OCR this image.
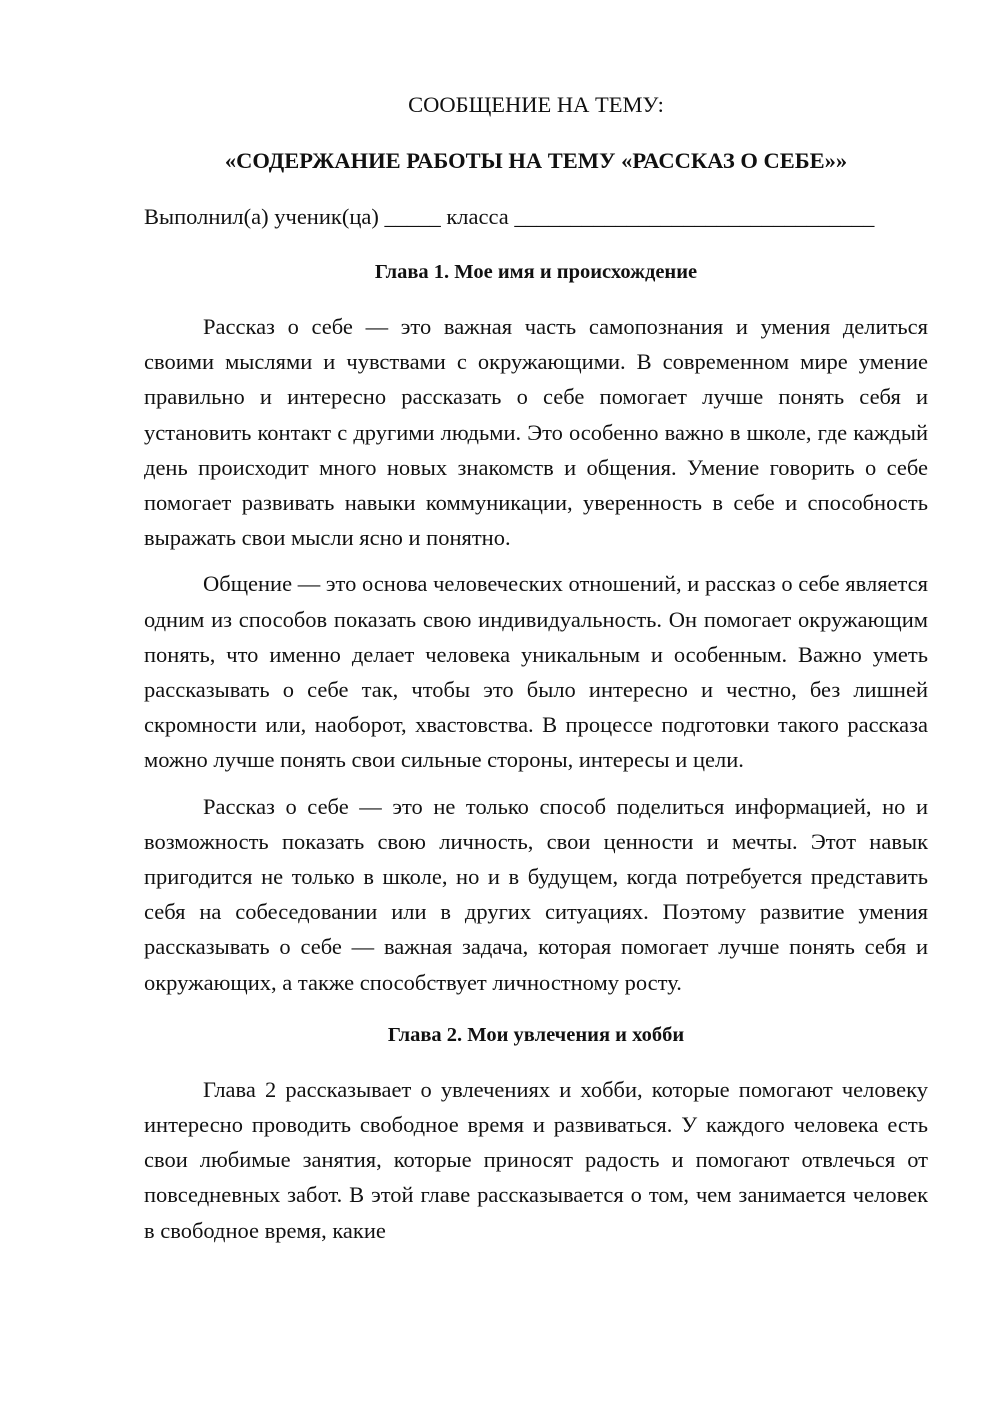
СООБЩЕНИЕ НА ТЕМУ:
«СОДЕРЖАНИЕ РАБОТЫ НА ТЕМУ «РАССКАЗ О СЕБЕ»»

Выполнил(а) ученик(ца) _____ класса ________________________________

Глава 1. Мое имя и происхождение

Рассказ о себе — это важная часть самопознания и умения делиться своими мыслями и чувствами с окружающими. В современном мире умение правильно и интересно рассказать о себе помогает лучше понять себя и установить контакт с другими людьми. Это особенно важно в школе, где каждый день происходит много новых знакомств и общения. Умение говорить о себе помогает развивать навыки коммуникации, уверенность в себе и способность выражать свои мысли ясно и понятно.

Общение — это основа человеческих отношений, и рассказ о себе является одним из способов показать свою индивидуальность. Он помогает окружающим понять, что именно делает человека уникальным и особенным. Важно уметь рассказывать о себе так, чтобы это было интересно и честно, без лишней скромности или, наоборот, хвастовства. В процессе подготовки такого рассказа можно лучше понять свои сильные стороны, интересы и цели.

Рассказ о себе — это не только способ поделиться информацией, но и возможность показать свою личность, свои ценности и мечты. Этот навык пригодится не только в школе, но и в будущем, когда потребуется представить себя на собеседовании или в других ситуациях. Поэтому развитие умения рассказывать о себе — важная задача, которая помогает лучше понять себя и окружающих, а также способствует личностному росту.

Глава 2. Мои увлечения и хобби

Глава 2 рассказывает о увлечениях и хобби, которые помогают человеку интересно проводить свободное время и развиваться. У каждого человека есть свои любимые занятия, которые приносят радость и помогают отвлечься от повседневных забот. В этой главе рассказывается о том, чем занимается человек в свободное время, какие
